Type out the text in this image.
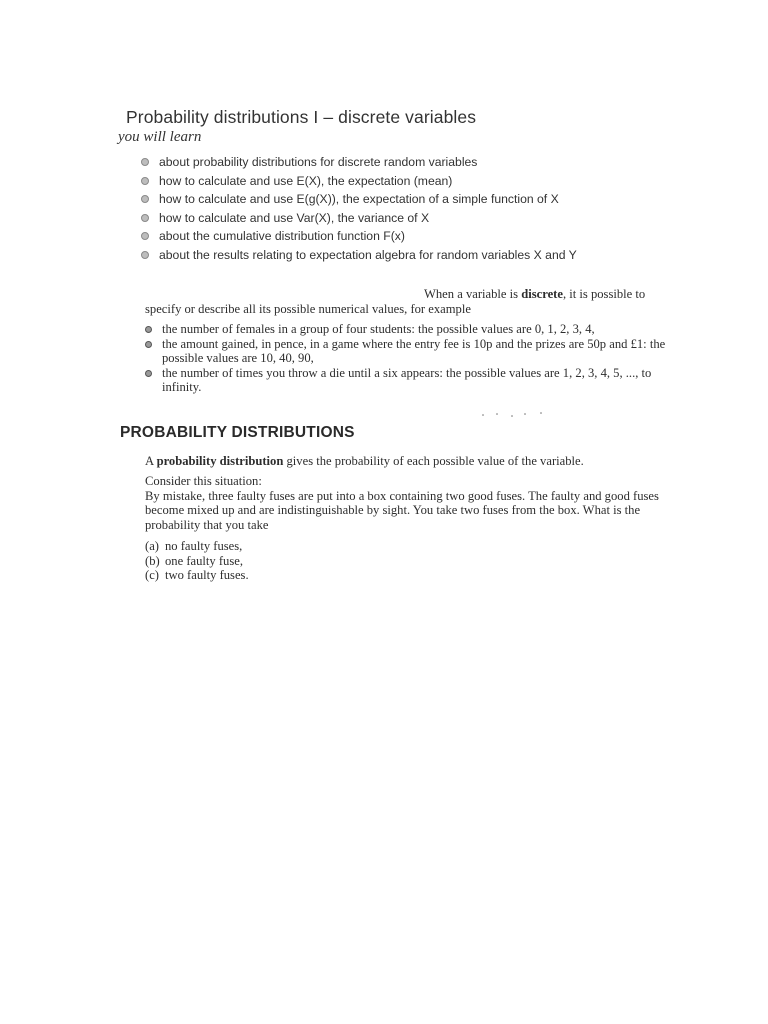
Probability distributions I – discrete variables
you will learn
about probability distributions for discrete random variables
how to calculate and use E(X), the expectation (mean)
how to calculate and use E(g(X)), the expectation of a simple function of X
how to calculate and use Var(X), the variance of X
about the cumulative distribution function F(x)
about the results relating to expectation algebra for random variables X and Y
When a variable is discrete, it is possible to
specify or describe all its possible numerical values, for example
the number of females in a group of four students: the possible values are 0, 1, 2, 3, 4,
the amount gained, in pence, in a game where the entry fee is 10p and the prizes are 50p and £1: the possible values are 10, 40, 90,
the number of times you throw a die until a six appears: the possible values are 1, 2, 3, 4, 5, ..., to infinity.
PROBABILITY DISTRIBUTIONS
A probability distribution gives the probability of each possible value of the variable.
Consider this situation:
By mistake, three faulty fuses are put into a box containing two good fuses. The faulty and good fuses become mixed up and are indistinguishable by sight. You take two fuses from the box. What is the probability that you take
(a) no faulty fuses,
(b) one faulty fuse,
(c) two faulty fuses.
